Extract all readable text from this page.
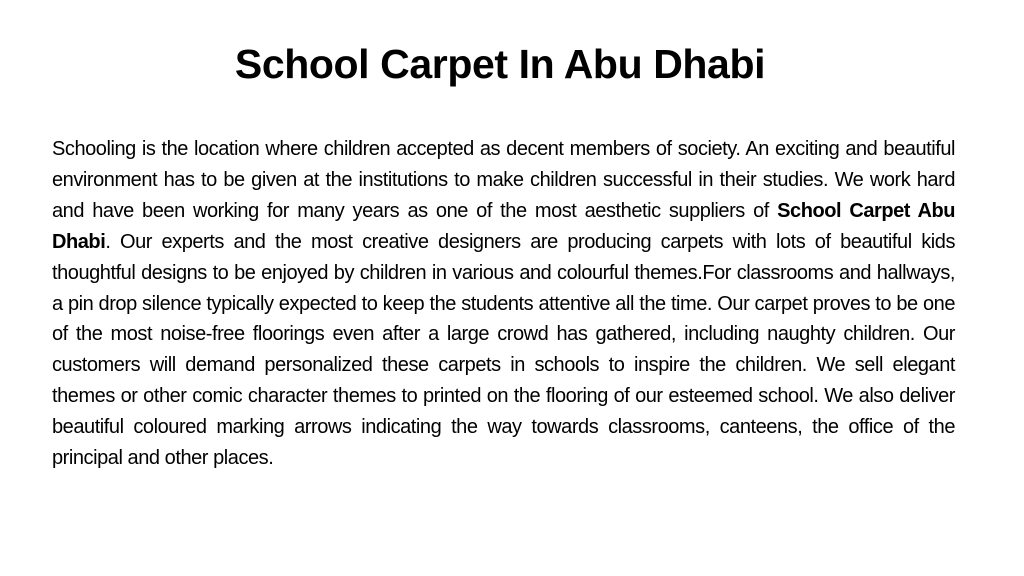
School Carpet In Abu Dhabi

Schooling is the location where children accepted as decent members of society. An exciting and beautiful environment has to be given at the institutions to make children successful in their studies. We work hard and have been working for many years as one of the most aesthetic suppliers of School Carpet Abu Dhabi. Our experts and the most creative designers are producing carpets with lots of beautiful kids thoughtful designs to be enjoyed by children in various and colourful themes.For classrooms and hallways, a pin drop silence typically expected to keep the students attentive all the time. Our carpet proves to be one of the most noise-free floorings even after a large crowd has gathered, including naughty children. Our customers will demand personalized these carpets in schools to inspire the children. We sell elegant themes or other comic character themes to printed on the flooring of our esteemed school. We also deliver beautiful coloured marking arrows indicating the way towards classrooms, canteens, the office of the principal and other places.
